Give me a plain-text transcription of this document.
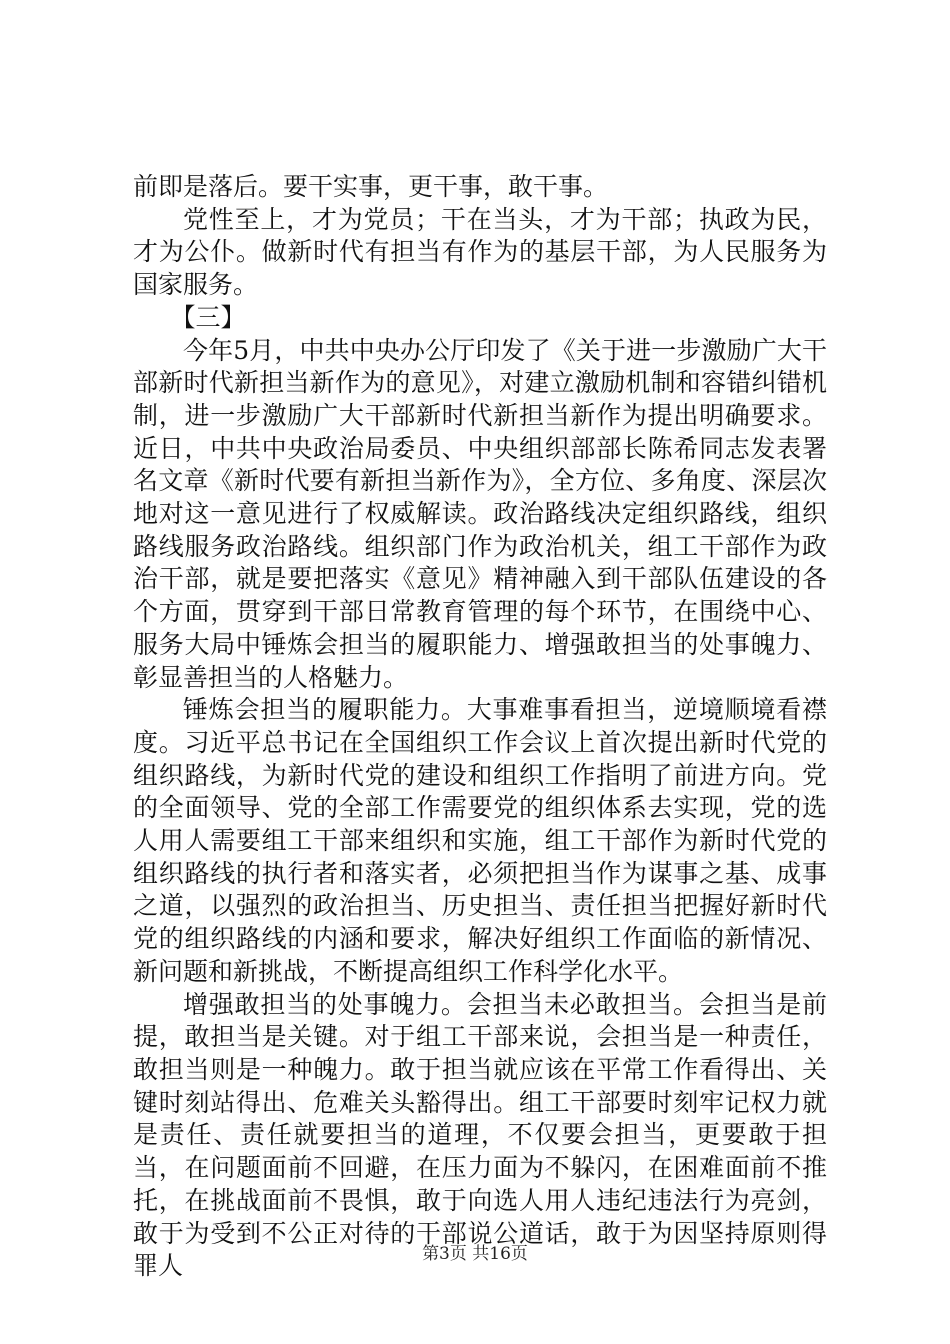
前即是落后。要干实事，更干事，敢干事。

党性至上，才为党员；干在当头，才为干部；执政为民，才为公仆。做新时代有担当有作为的基层干部，为人民服务为国家服务。

【三】

今年5月，中共中央办公厅印发了《关于进一步激励广大干部新时代新担当新作为的意见》，对建立激励机制和容错纠错机制，进一步激励广大干部新时代新担当新作为提出明确要求。近日，中共中央政治局委员、中央组织部部长陈希同志发表署名文章《新时代要有新担当新作为》，全方位、多角度、深层次地对这一意见进行了权威解读。政治路线决定组织路线，组织路线服务政治路线。组织部门作为政治机关，组工干部作为政治干部，就是要把落实《意见》精神融入到干部队伍建设的各个方面，贯穿到干部日常教育管理的每个环节，在围绕中心、服务大局中锤炼会担当的履职能力、增强敢担当的处事魄力、彰显善担当的人格魅力。

锤炼会担当的履职能力。大事难事看担当，逆境顺境看襟度。习近平总书记在全国组织工作会议上首次提出新时代党的组织路线，为新时代党的建设和组织工作指明了前进方向。党的全面领导、党的全部工作需要党的组织体系去实现，党的选人用人需要组工干部来组织和实施，组工干部作为新时代党的组织路线的执行者和落实者，必须把担当作为谋事之基、成事之道，以强烈的政治担当、历史担当、责任担当把握好新时代党的组织路线的内涵和要求，解决好组织工作面临的新情况、新问题和新挑战，不断提高组织工作科学化水平。

增强敢担当的处事魄力。会担当未必敢担当。会担当是前提，敢担当是关键。对于组工干部来说，会担当是一种责任，敢担当则是一种魄力。敢于担当就应该在平常工作看得出、关键时刻站得出、危难关头豁得出。组工干部要时刻牢记权力就是责任、责任就要担当的道理，不仅要会担当，更要敢于担当，在问题面前不回避，在压力面为不躲闪，在困难面前不推托，在挑战面前不畏惧，敢于向选人用人违纪违法行为亮剑，敢于为受到不公正对待的干部说公道话，敢于为因坚持原则得罪人	第3页 共16页
